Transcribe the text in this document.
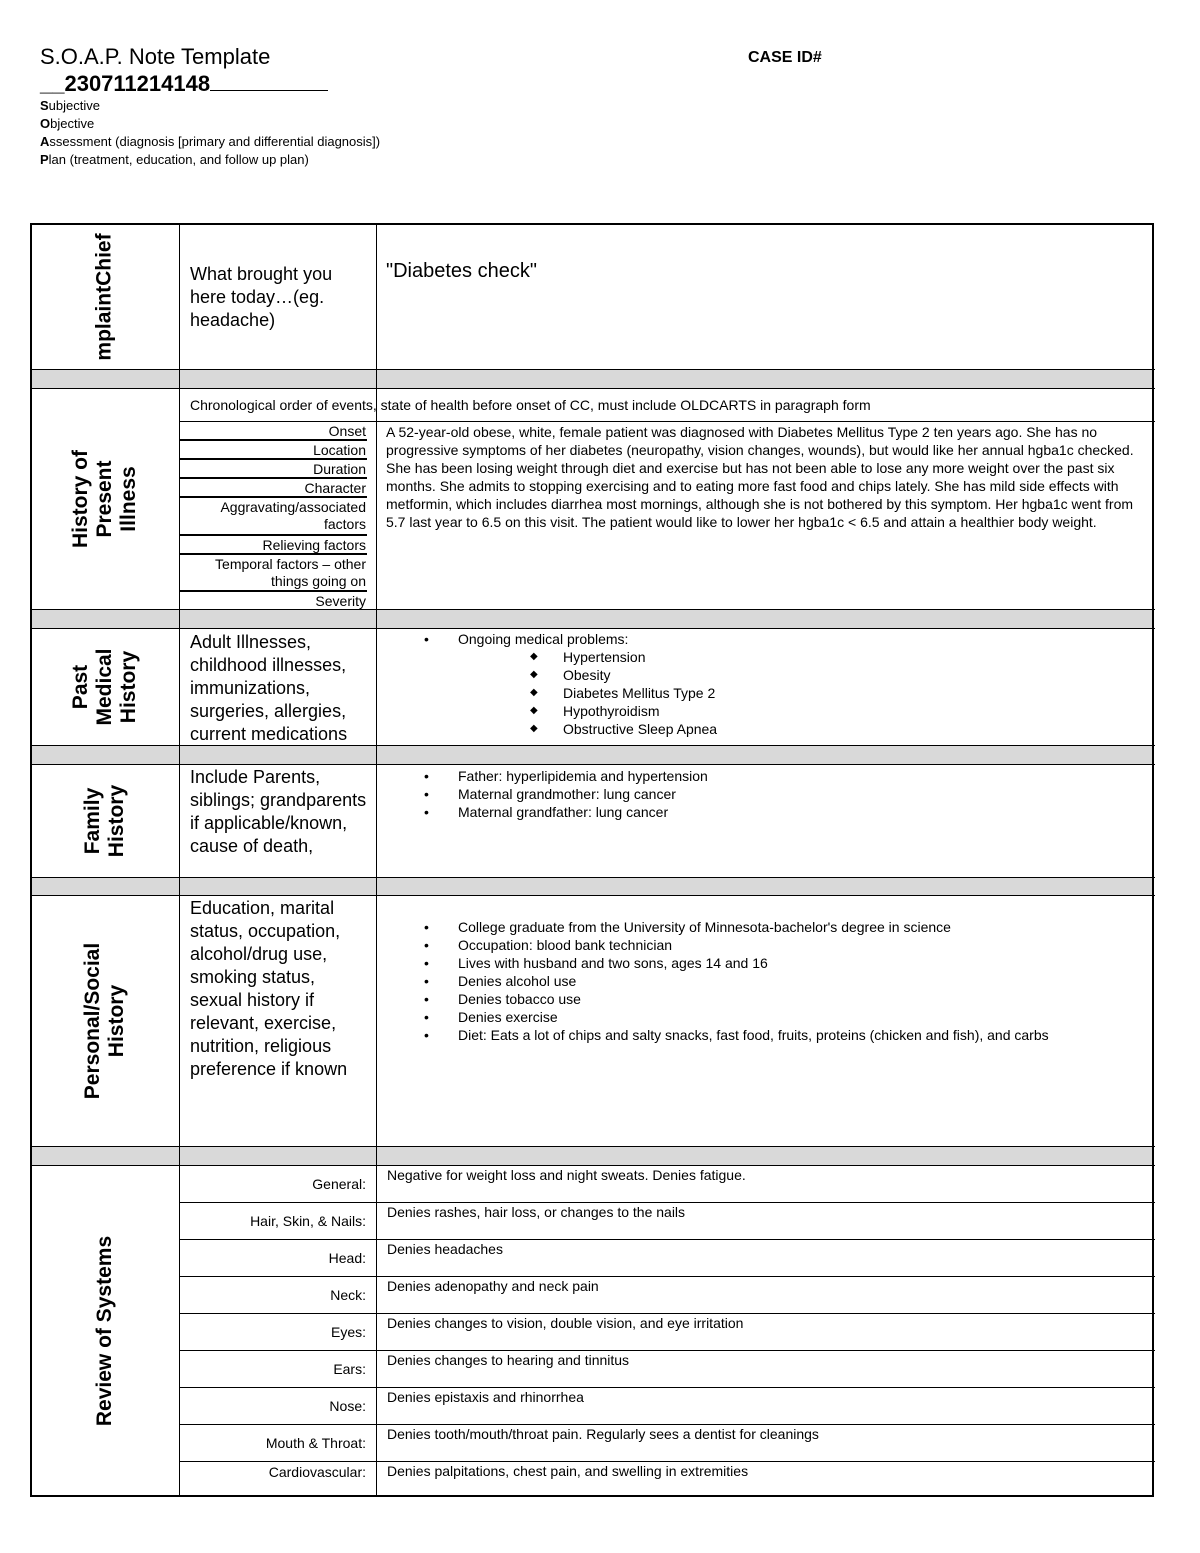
S.O.A.P. Note Template	CASE ID#
__230711214148
Subjective
Objective
Assessment (diagnosis [primary and differential diagnosis])
Plan (treatment, education, and follow up plan)
mplaintChief	What brought you here today…(eg. headache)
"Diabetes check"
History of Present Illness
Chronological order of events, state of health before onset of CC, must include OLDCARTS in paragraph form
Onset
Location
Duration
Character
Aggravating/associated factors
Relieving factors
Temporal factors – other things going on
Severity
A 52-year-old obese, white, female patient was diagnosed with Diabetes Mellitus Type 2 ten years ago. She has no progressive symptoms of her diabetes (neuropathy, vision changes, wounds), but would like her annual hgba1c checked. She has been losing weight through diet and exercise but has not been able to lose any more weight over the past six months. She admits to stopping exercising and to eating more fast food and chips lately. She has mild side effects with metformin, which includes diarrhea most mornings, although she is not bothered by this symptom. Her hgba1c went from 5.7 last year to 6.5 on this visit. The patient would like to lower her hgba1c < 6.5 and attain a healthier body weight.
Past Medical History
Adult Illnesses, childhood illnesses, immunizations, surgeries, allergies, current medications
• Ongoing medical problems:
◆ Hypertension
◆ Obesity
◆ Diabetes Mellitus Type 2
◆ Hypothyroidism
◆ Obstructive Sleep Apnea
Family History
Include Parents, siblings; grandparents if applicable/known, cause of death,
• Father: hyperlipidemia and hypertension
• Maternal grandmother: lung cancer
• Maternal grandfather: lung cancer
Personal/Social History
Education, marital status, occupation, alcohol/drug use, smoking status, sexual history if relevant, exercise, nutrition, religious preference if known
• College graduate from the University of Minnesota-bachelor's degree in science
• Occupation: blood bank technician
• Lives with husband and two sons, ages 14 and 16
• Denies alcohol use
• Denies tobacco use
• Denies exercise
• Diet: Eats a lot of chips and salty snacks, fast food, fruits, proteins (chicken and fish), and carbs
Review of Systems
General:
Negative for weight loss and night sweats. Denies fatigue.
Hair, Skin, & Nails:
Denies rashes, hair loss, or changes to the nails
Head:
Denies headaches
Neck:
Denies adenopathy and neck pain
Eyes:
Denies changes to vision, double vision, and eye irritation
Ears:
Denies changes to hearing and tinnitus
Nose:
Denies epistaxis and rhinorrhea
Mouth & Throat:
Denies tooth/mouth/throat pain. Regularly sees a dentist for cleanings
Cardiovascular: Denies palpitations, chest pain, and swelling in extremities
